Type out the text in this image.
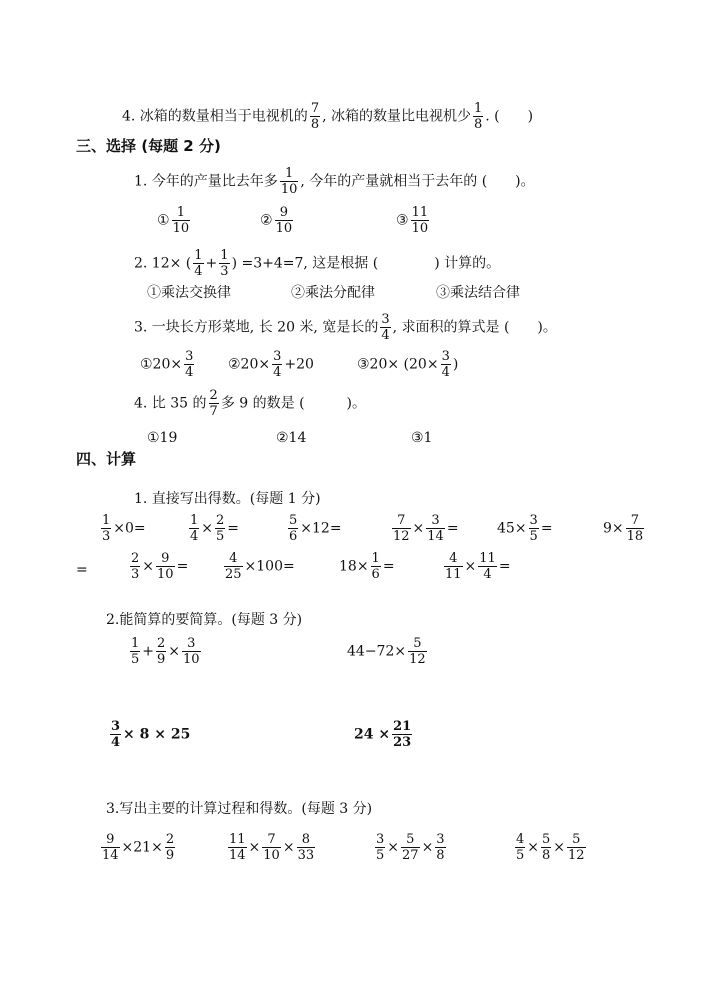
4. 冰箱的数量相当于电视机的 $\frac{7}{8}$ , 冰箱的数量比电视机少 $\frac{1}{8}$ . (　　)
三、选择 (每题 2 分)
1. 今年的产量比去年多 $\frac{1}{10}$ , 今年的产量就相当于去年的 (　　)。
① $\frac{1}{10}$	② $\frac{9}{10}$	③ $\frac{11}{10}$
2. 12× ( $\frac{1}{4} + \frac{1}{3}$ ) =3+4=7, 这是根据 (　　　　) 计算的。
①乘法交换律	②乘法分配律	③乘法结合律
3. 一块长方形菜地, 长 20 米, 宽是长的 $\frac{3}{4}$ , 求面积的算式是 (　　)。
①20× $\frac{3}{4}$ ②20× $\frac{3}{4} +20$	③20× ($20\times \frac{3}{4}$ )
4. 比 35 的 $\frac{2}{7}$ 多 9 的数是 (　　　)。
①19	②14	③1
四、计算
1. 直接写出得数。(每题 1 分)
$\frac{1}{3} \times 0=$	$\frac{1}{4} \times \frac{2}{5}$ =	$\frac{5}{6} \times 12=$	$\frac{7}{12} \times \frac{3}{14}$ =	$45\times \frac{3}{5}$ =	$9\times \frac{7}{18}$
=	$\frac{2}{3} \times \frac{9}{10}$ =	$\frac{4}{25} \times 100=$	$18\times \frac{1}{6}$ =	$\frac{4}{11} \times \frac{11}{4}$ =
2.能简算的要简算。(每题 3 分)
$\frac{1}{5} + \frac{2}{9} \times \frac{3}{10}$	$44-72\times \frac{5}{12}$
$\frac{3}{4} \times 8 \times 25$	$24 \times \frac{21}{23}$
3.写出主要的计算过程和得数。(每题 3 分)
$\frac{9}{14} \times 21\times \frac{2}{9}$	$\frac{11}{14} \times \frac{7}{10} \times \frac{8}{33}$	$\frac{3}{5} \times \frac{5}{27} \times \frac{3}{8}$	$\frac{4}{5} \times \frac{5}{8} \times \frac{5}{12}$
